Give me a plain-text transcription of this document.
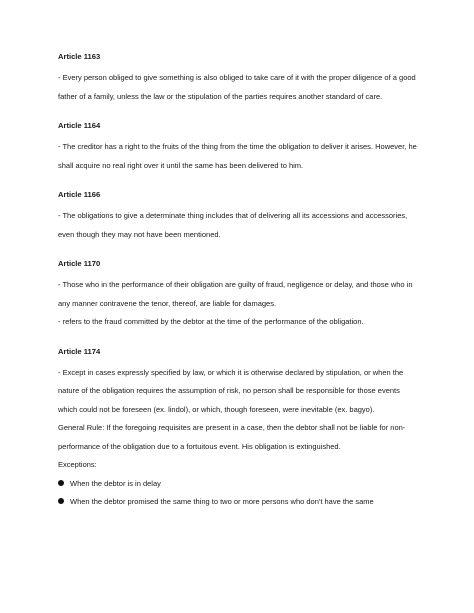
Article 1163

- Every person obliged to give something is also obliged to take care of it with the proper diligence of a good father of a family, unless the law or the stipulation of the parties requires another standard of care.

Article 1164

- The creditor has a right to the fruits of the thing from the time the obligation to deliver it arises. However, he shall acquire no real right over it until the same has been delivered to him.

Article 1166

- The obligations to give a determinate thing includes that of delivering all its accessions and accessories, even though they may not have been mentioned.

Article 1170

- Those who in the performance of their obligation are guilty of fraud, negligence or delay, and those who in any manner contravene the tenor, thereof, are liable for damages.

- refers to the fraud committed by the debtor at the time of the performance of the obligation.

Article 1174

- Except in cases expressly specified by law, or which it is otherwise declared by stipulation, or when the nature of the obligation requires the assumption of risk, no person shall be responsible for those events which could not be foreseen (ex. lindol), or which, though foreseen, were inevitable (ex. bagyo).

General Rule: If the foregoing requisites are present in a case, then the debtor shall not be liable for non-performance of the obligation due to a fortuitous event. His obligation is extinguished.

Exceptions:

When the debtor is in delay
When the debtor promised the same thing to two or more persons who don't have the same
